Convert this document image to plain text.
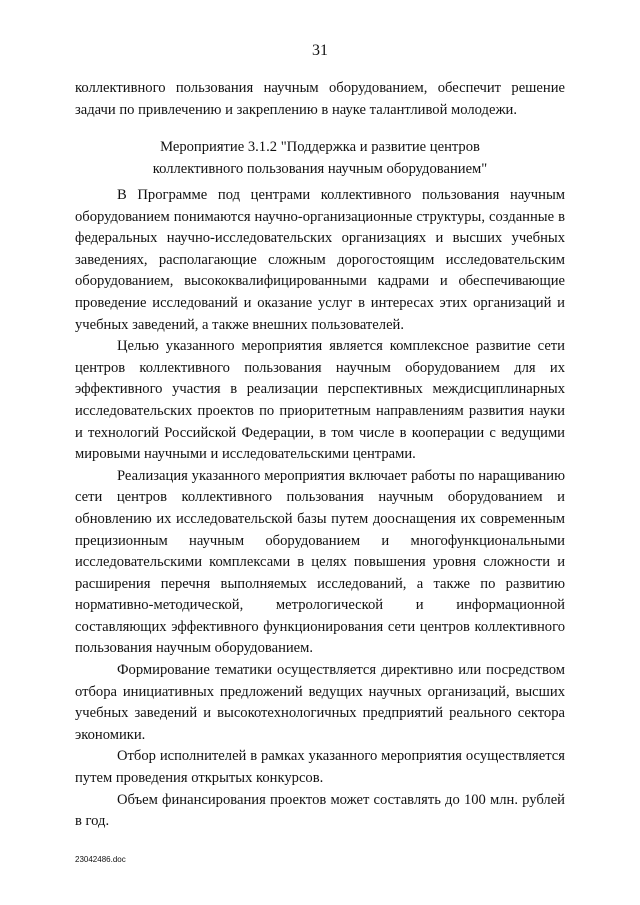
31

коллективного пользования научным оборудованием, обеспечит решение задачи по привлечению и закреплению в науке талантливой молодежи.

Мероприятие 3.1.2 "Поддержка и развитие центров
коллективного пользования научным оборудованием"

В Программе под центрами коллективного пользования научным оборудованием понимаются научно-организационные структуры, созданные в федеральных научно-исследовательских организациях и высших учебных заведениях, располагающие сложным дорогостоящим исследовательским оборудованием, высококвалифицированными кадрами и обеспечивающие проведение исследований и оказание услуг в интересах этих организаций и учебных заведений, а также внешних пользователей.

Целью указанного мероприятия является комплексное развитие сети центров коллективного пользования научным оборудованием для их эффективного участия в реализации перспективных междисциплинарных исследовательских проектов по приоритетным направлениям развития науки и технологий Российской Федерации, в том числе в кооперации с ведущими мировыми научными и исследовательскими центрами.

Реализация указанного мероприятия включает работы по наращиванию сети центров коллективного пользования научным оборудованием и обновлению их исследовательской базы путем дооснащения их современным прецизионным научным оборудованием и многофункциональными исследовательскими комплексами в целях повышения уровня сложности и расширения перечня выполняемых исследований, а также по развитию нормативно-методической, метрологической и информационной составляющих эффективного функционирования сети центров коллективного пользования научным оборудованием.

Формирование тематики осуществляется директивно или посредством отбора инициативных предложений ведущих научных организаций, высших учебных заведений и высокотехнологичных предприятий реального сектора экономики.

Отбор исполнителей в рамках указанного мероприятия осуществляется путем проведения открытых конкурсов.

Объем финансирования проектов может составлять до 100 млн. рублей в год.

23042486.doc
